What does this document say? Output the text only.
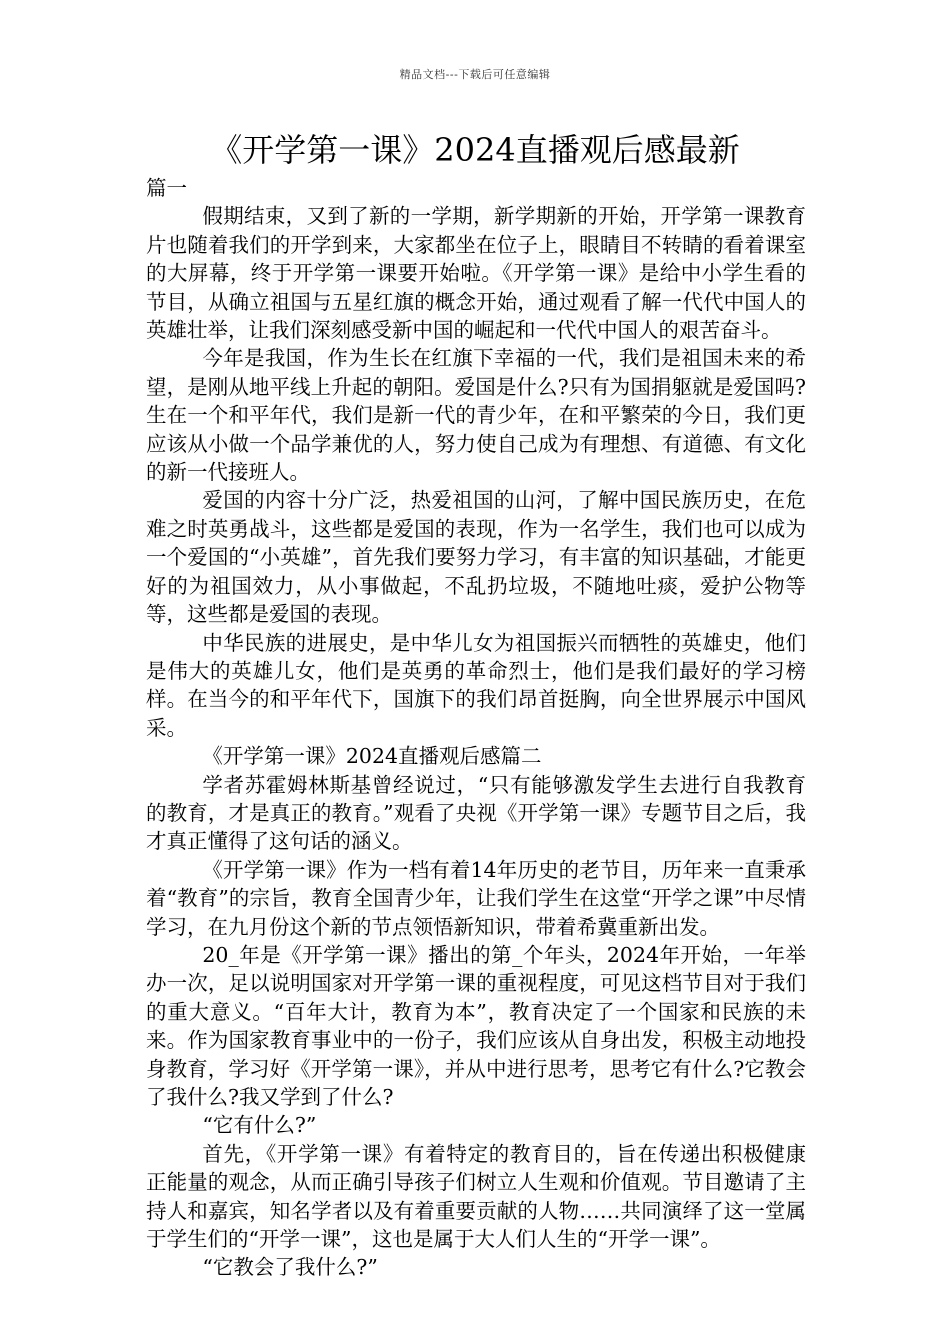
精品文档---下载后可任意编辑
《开学第一课》2024直播观后感最新

篇一

假期结束，又到了新的一学期，新学期新的开始，开学第一课教育片也随着我们的开学到来，大家都坐在位子上，眼睛目不转睛的看着课室的大屏幕，终于开学第一课要开始啦。《开学第一课》是给中小学生看的节目，从确立祖国与五星红旗的概念开始，通过观看了解一代代中国人的英雄壮举，让我们深刻感受新中国的崛起和一代代中国人的艰苦奋斗。

今年是我国，作为生长在红旗下幸福的一代，我们是祖国未来的希望，是刚从地平线上升起的朝阳。爱国是什么?只有为国捐躯就是爱国吗?生在一个和平年代，我们是新一代的青少年，在和平繁荣的今日，我们更应该从小做一个品学兼优的人，努力使自己成为有理想、有道德、有文化的新一代接班人。

爱国的内容十分广泛，热爱祖国的山河，了解中国民族历史，在危难之时英勇战斗，这些都是爱国的表现，作为一名学生，我们也可以成为一个爱国的“小英雄”，首先我们要努力学习，有丰富的知识基础，才能更好的为祖国效力，从小事做起，不乱扔垃圾，不随地吐痰，爱护公物等等，这些都是爱国的表现。

中华民族的进展史，是中华儿女为祖国振兴而牺牲的英雄史，他们是伟大的英雄儿女，他们是英勇的革命烈士，他们是我们最好的学习榜样。在当今的和平年代下，国旗下的我们昂首挺胸，向全世界展示中国风采。

《开学第一课》2024直播观后感篇二

学者苏霍姆林斯基曾经说过，“只有能够激发学生去进行自我教育的教育，才是真正的教育。”观看了央视《开学第一课》专题节目之后，我才真正懂得了这句话的涵义。

《开学第一课》作为一档有着14年历史的老节目，历年来一直秉承着“教育”的宗旨，教育全国青少年，让我们学生在这堂“开学之课”中尽情学习，在九月份这个新的节点领悟新知识，带着希冀重新出发。

20_年是《开学第一课》播出的第_个年头，2024年开始，一年举办一次，足以说明国家对开学第一课的重视程度，可见这档节目对于我们的重大意义。“百年大计，教育为本”，教育决定了一个国家和民族的未来。作为国家教育事业中的一份子，我们应该从自身出发，积极主动地投身教育，学习好《开学第一课》，并从中进行思考，思考它有什么?它教会了我什么?我又学到了什么?

“它有什么?”

首先，《开学第一课》有着特定的教育目的，旨在传递出积极健康正能量的观念，从而正确引导孩子们树立人生观和价值观。节目邀请了主持人和嘉宾，知名学者以及有着重要贡献的人物……共同演绎了这一堂属于学生们的“开学一课”，这也是属于大人们人生的“开学一课”。

“它教会了我什么?”
